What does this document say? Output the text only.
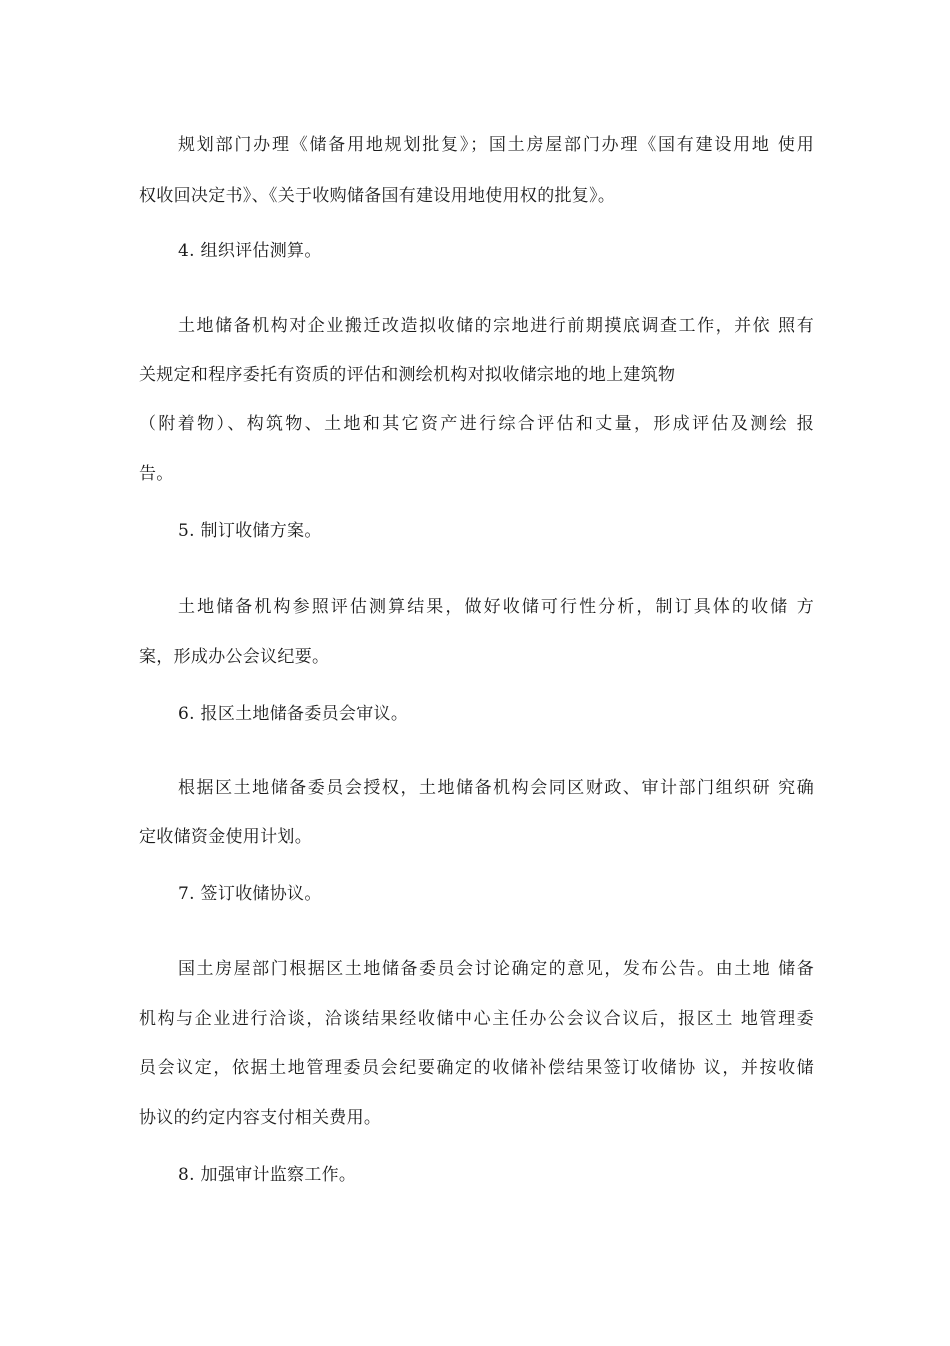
规划部门办理《储备用地规划批复》；国土房屋部门办理《国有建设用地 使用
权收回决定书》、《关于收购储备国有建设用地使用权的批复》。
4. 组织评估测算。
土地储备机构对企业搬迁改造拟收储的宗地进行前期摸底调查工作，并依 照有
关规定和程序委托有资质的评估和测绘机构对拟收储宗地的地上建筑物
（附着物）、构筑物、土地和其它资产进行综合评估和丈量，形成评估及测绘 报
告。
5. 制订收储方案。
土地储备机构参照评估测算结果，做好收储可行性分析，制订具体的收储 方
案，形成办公会议纪要。
6. 报区土地储备委员会审议。
根据区土地储备委员会授权，土地储备机构会同区财政、审计部门组织研 究确
定收储资金使用计划。
7. 签订收储协议。
国土房屋部门根据区土地储备委员会讨论确定的意见，发布公告。由土地 储备
机构与企业进行洽谈，洽谈结果经收储中心主任办公会议合议后，报区土 地管理委
员会议定，依据土地管理委员会纪要确定的收储补偿结果签订收储协 议，并按收储
协议的约定内容支付相关费用。
8. 加强审计监察工作。
